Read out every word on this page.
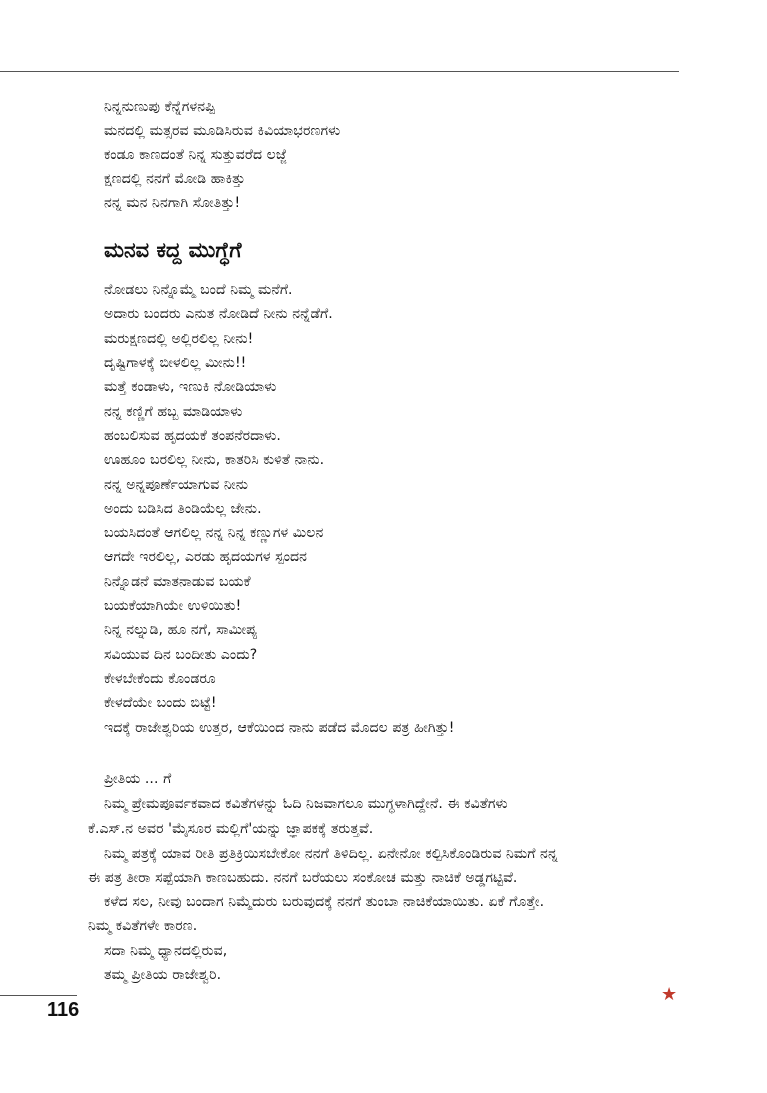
ನಿನ್ನನುಣುಪು ಕೆನ್ನೆಗಳನಪ್ಪಿ
ಮನದಲ್ಲಿ ಮತ್ಸರವ ಮೂಡಿಸಿರುವ ಕಿವಿಯಾಭರಣಗಳು
ಕಂಡೂ ಕಾಣದಂತೆ ನಿನ್ನ ಸುತ್ತುವರೆದ ಲಜ್ಜೆ
ಕ್ಷಣದಲ್ಲಿ ನನಗೆ ಮೋಡಿ ಹಾಕಿತ್ತು
ನನ್ನ ಮನ ನಿನಗಾಗಿ ಸೋತಿತ್ತು!
ಮನವ ಕದ್ದ ಮುಗ್ಧೆಗೆ
ನೋಡಲು ನಿನ್ನೊಮ್ಮೆ ಬಂದೆ ನಿಮ್ಮ ಮನೆಗೆ.
ಅದಾರು ಬಂದರು ಎನುತ ನೋಡಿದೆ ನೀನು ನನ್ನೆಡೆಗೆ.
ಮರುಕ್ಷಣದಲ್ಲಿ ಅಲ್ಲಿರಲಿಲ್ಲ ನೀನು!
ದೃಷ್ಟಿಗಾಳಕ್ಕೆ ಬೀಳಲಿಲ್ಲ ಮೀನು!!
ಮತ್ತೆ ಕಂಡಾಳು, ಇಣುಕಿ ನೋಡಿಯಾಳು
ನನ್ನ ಕಣ್ಣಿಗೆ ಹಬ್ಬ ಮಾಡಿಯಾಳು
ಹಂಬಲಿಸುವ ಹೃದಯಕೆ ತಂಪನೆರದಾಳು.
ಊಹೂಂ ಬರಲಿಲ್ಲ ನೀನು, ಕಾತರಿಸಿ ಕುಳಿತೆ ನಾನು.
ನನ್ನ ಅನ್ನಪೂರ್ಣೆಯಾಗುವ ನೀನು
ಅಂದು ಬಡಿಸಿದ ತಿಂಡಿಯೆಲ್ಲ ಜೇನು.
ಬಯಸಿದಂತೆ ಆಗಲಿಲ್ಲ ನನ್ನ ನಿನ್ನ ಕಣ್ಣುಗಳ ಮಿಲನ
ಆಗದೇ ಇರಲಿಲ್ಲ, ಎರಡು ಹೃದಯಗಳ ಸ್ಪಂದನ
ನಿನ್ನೊಡನೆ ಮಾತನಾಡುವ ಬಯಕೆ
ಬಯಕೆಯಾಗಿಯೇ ಉಳಿಯಿತು!
ನಿನ್ನ ನಲ್ನುಡಿ, ಹೂ ನಗೆ, ಸಾಮೀಪ್ಯ
ಸವಿಯುವ ದಿನ ಬಂದೀತು ಎಂದು?
ಕೇಳಬೇಕೆಂದು ಕೊಂಡರೂ
ಕೇಳದೆಯೇ ಬಂದು ಬಿಟ್ಟೆ!
ಇದಕ್ಕೆ ರಾಜೇಶ್ವರಿಯ ಉತ್ತರ, ಆಕೆಯಿಂದ ನಾನು ಪಡೆದ ಮೊದಲ ಪತ್ರ ಹೀಗಿತ್ತು!
ಪ್ರೀತಿಯ ... ಗೆ
ನಿಮ್ಮ ಪ್ರೇಮಪೂರ್ವಕವಾದ ಕವಿತೆಗಳನ್ನು ಓದಿ ನಿಜವಾಗಲೂ ಮುಗ್ಧಳಾಗಿದ್ದೇನೆ. ಈ ಕವಿತೆಗಳು
ಕೆ.ಎಸ್.ನ ಅವರ 'ಮೈಸೂರ ಮಲ್ಲಿಗೆ'ಯನ್ನು ಜ್ಞಾಪಕಕ್ಕೆ ತರುತ್ತವೆ.
ನಿಮ್ಮ ಪತ್ರಕ್ಕೆ ಯಾವ ರೀತಿ ಪ್ರತಿಕ್ರಿಯಿಸಬೇಕೋ ನನಗೆ ತಿಳಿದಿಲ್ಲ. ಏನೇನೋ ಕಲ್ಪಿಸಿಕೊಂಡಿರುವ ನಿಮಗೆ ನನ್ನ
ಈ ಪತ್ರ ತೀರಾ ಸಪ್ಪೆಯಾಗಿ ಕಾಣಬಹುದು. ನನಗೆ ಬರೆಯಲು ಸಂಕೋಚ ಮತ್ತು ನಾಚಿಕೆ ಅಡ್ಡಗಟ್ಟಿವೆ.
ಕಳೆದ ಸಲ, ನೀವು ಬಂದಾಗ ನಿಮ್ಮೆದುರು ಬರುವುದಕ್ಕೆ ನನಗೆ ತುಂಬಾ ನಾಚಿಕೆಯಾಯಿತು. ಏಕೆ ಗೊತ್ತೇ.
ನಿಮ್ಮ ಕವಿತೆಗಳೇ ಕಾರಣ.
ಸದಾ ನಿಮ್ಮ ಧ್ಯಾನದಲ್ಲಿರುವ,
ತಮ್ಮ ಪ್ರೀತಿಯ ರಾಜೇಶ್ವರಿ.
116
★
